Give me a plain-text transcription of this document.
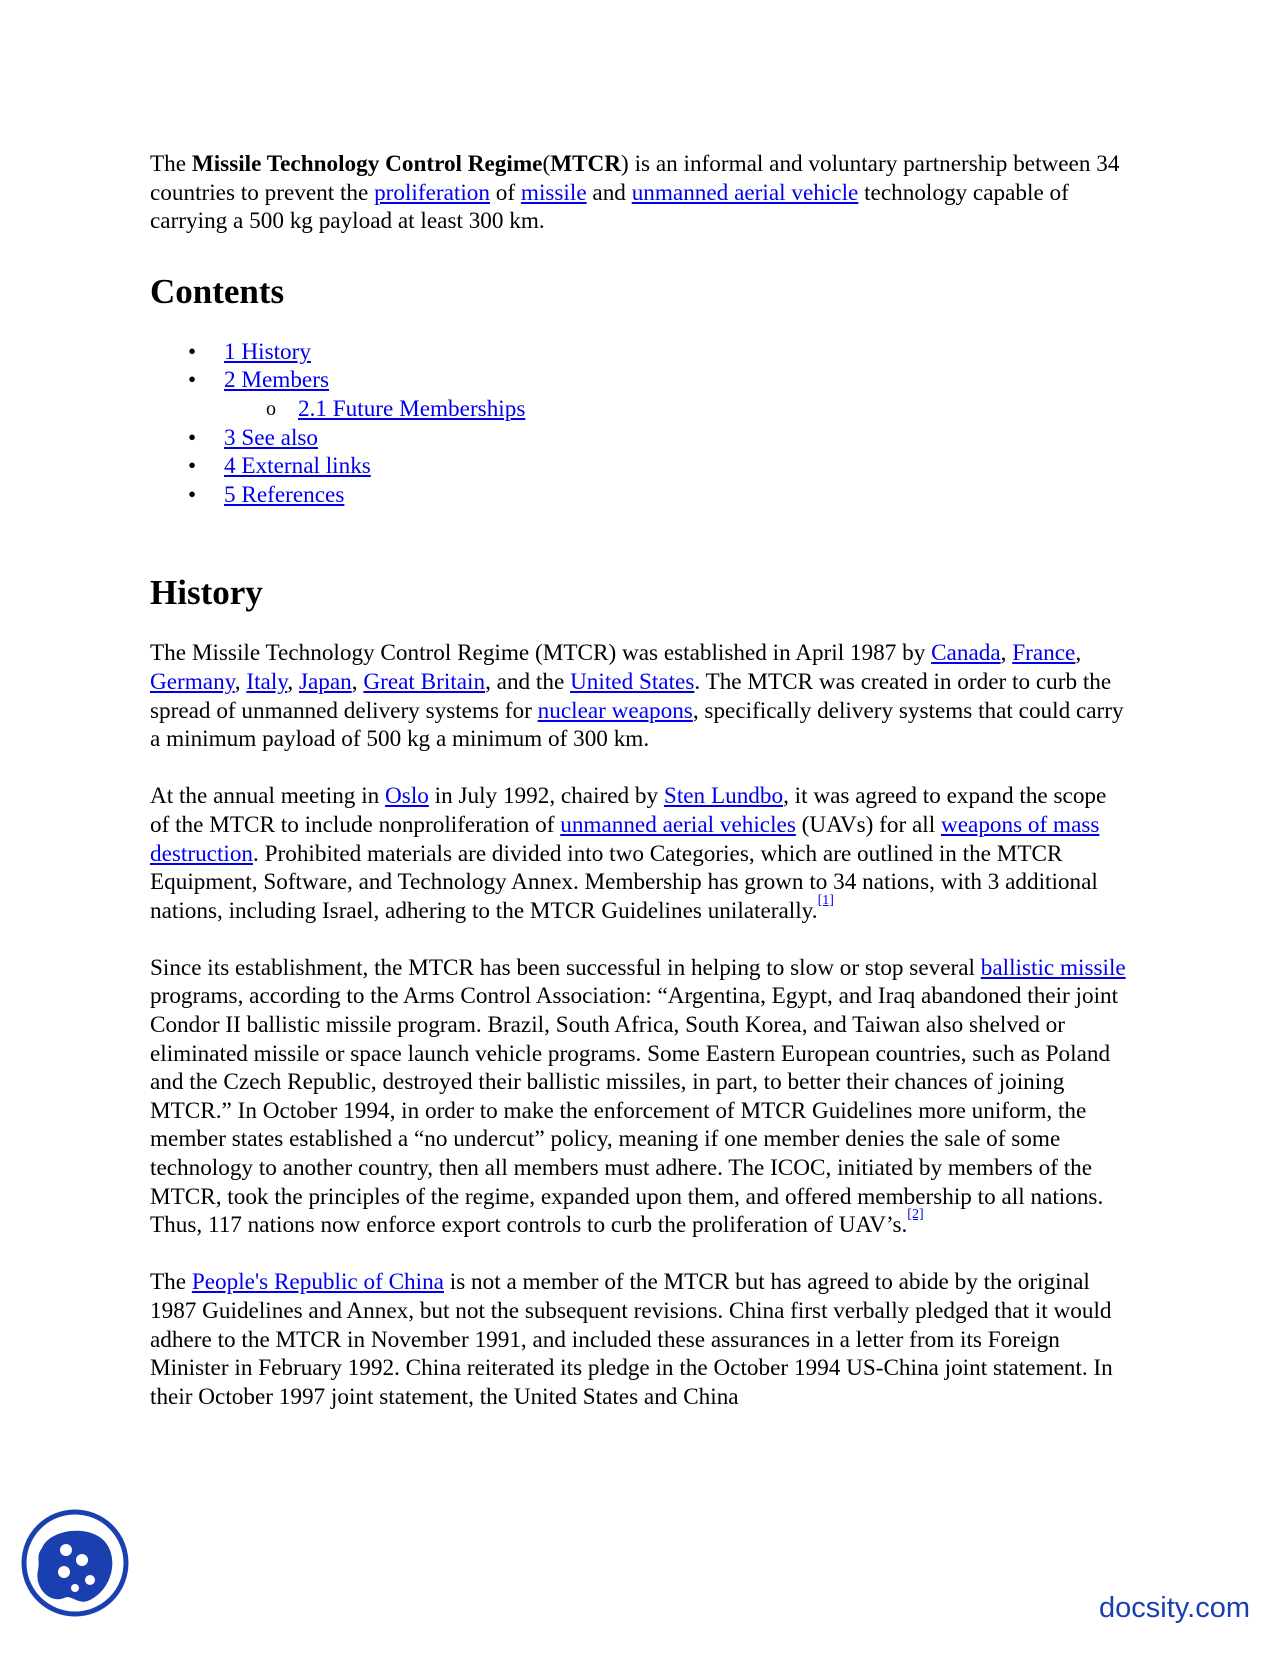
The Missile Technology Control Regime(MTCR) is an informal and voluntary partnership between 34 countries to prevent the proliferation of missile and unmanned aerial vehicle technology capable of carrying a 500 kg payload at least 300 km.

Contents
• 1 History
• 2 Members
o 2.1 Future Memberships
• 3 See also
• 4 External links
• 5 References
History

The Missile Technology Control Regime (MTCR) was established in April 1987 by Canada, France, Germany, Italy, Japan, Great Britain, and the United States. The MTCR was created in order to curb the spread of unmanned delivery systems for nuclear weapons, specifically delivery systems that could carry a minimum payload of 500 kg a minimum of 300 km.

At the annual meeting in Oslo in July 1992, chaired by Sten Lundbo, it was agreed to expand the scope of the MTCR to include nonproliferation of unmanned aerial vehicles (UAVs) for all weapons of mass destruction. Prohibited materials are divided into two Categories, which are outlined in the MTCR Equipment, Software, and Technology Annex. Membership has grown to 34 nations, with 3 additional nations, including Israel, adhering to the MTCR Guidelines unilaterally.[1]

Since its establishment, the MTCR has been successful in helping to slow or stop several ballistic missile programs, according to the Arms Control Association: “Argentina, Egypt, and Iraq abandoned their joint Condor II ballistic missile program. Brazil, South Africa, South Korea, and Taiwan also shelved or eliminated missile or space launch vehicle programs. Some Eastern European countries, such as Poland and the Czech Republic, destroyed their ballistic missiles, in part, to better their chances of joining MTCR.” In October 1994, in order to make the enforcement of MTCR Guidelines more uniform, the member states established a “no undercut” policy, meaning if one member denies the sale of some technology to another country, then all members must adhere. The ICOC, initiated by members of the MTCR, took the principles of the regime, expanded upon them, and offered membership to all nations. Thus, 117 nations now enforce export controls to curb the proliferation of UAV’s.[2]

The People's Republic of China is not a member of the MTCR but has agreed to abide by the original 1987 Guidelines and Annex, but not the subsequent revisions. China first verbally pledged that it would adhere to the MTCR in November 1991, and included these assurances in a letter from its Foreign Minister in February 1992. China reiterated its pledge in the October 1994 US-China joint statement. In their October 1997 joint statement, the United States and China

docsity.com
